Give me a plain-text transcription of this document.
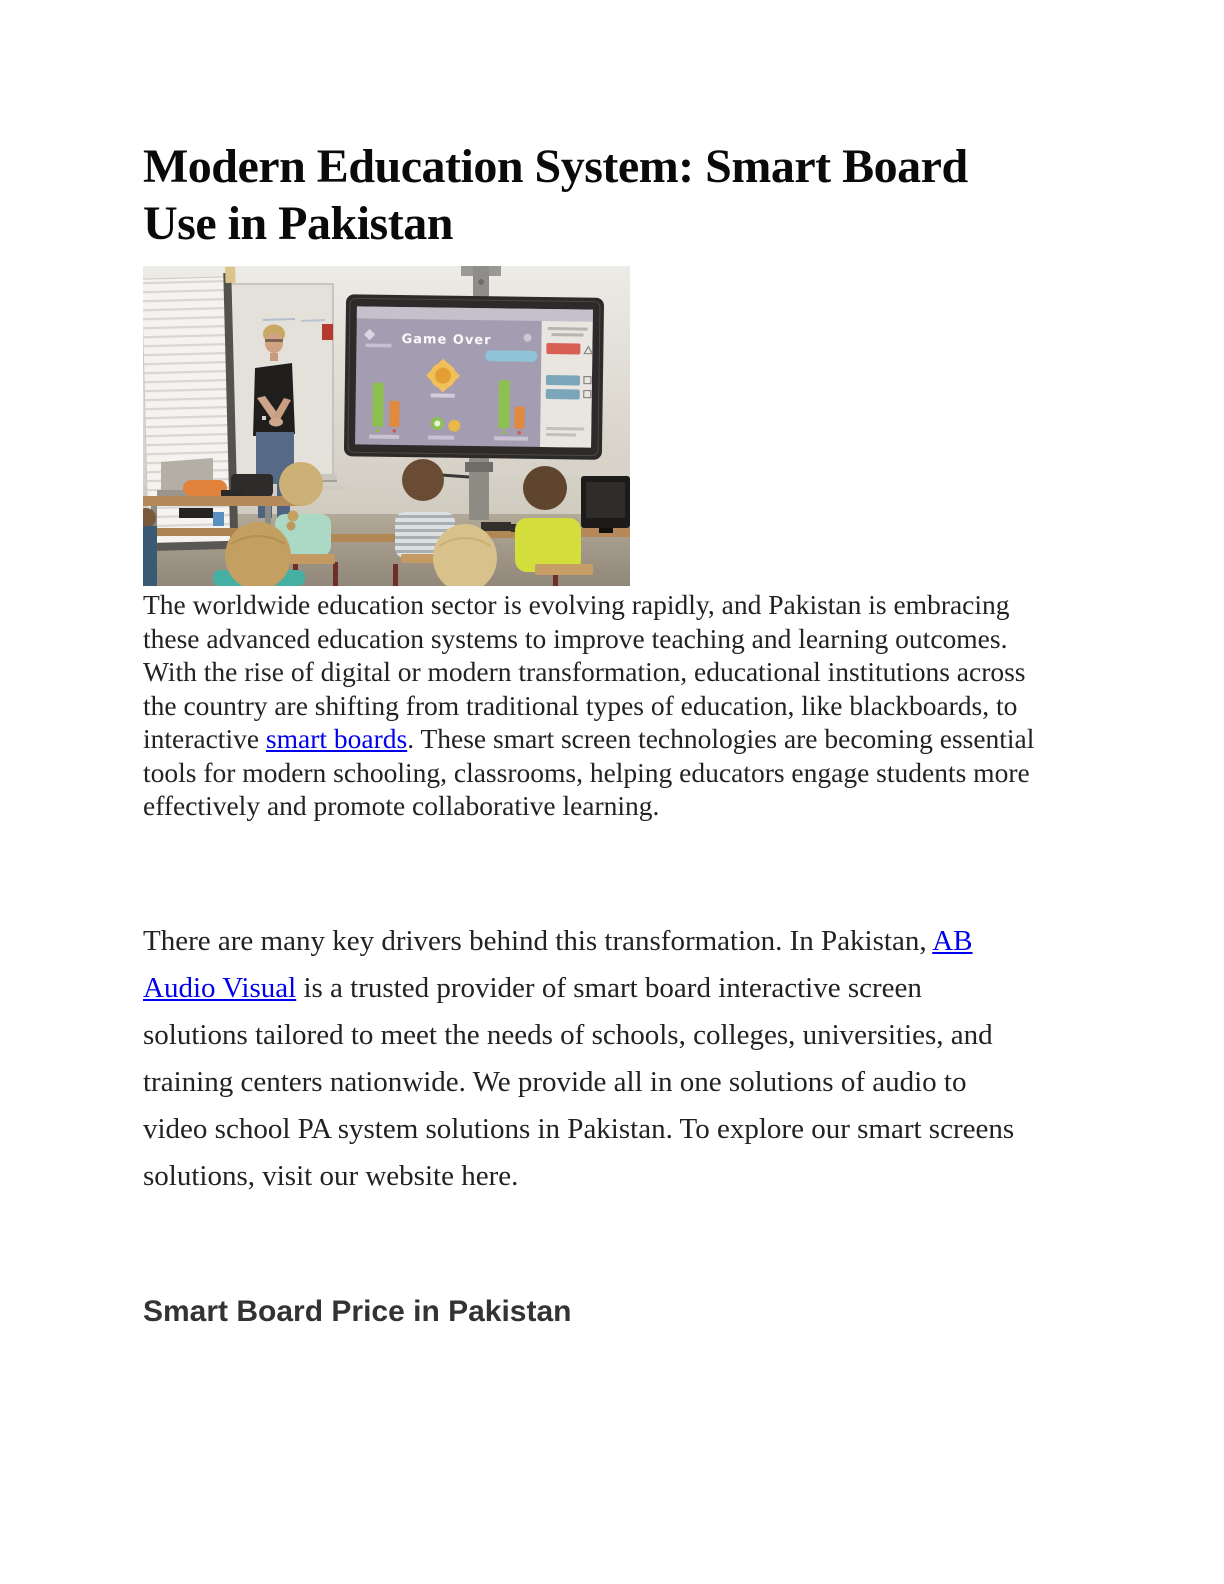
Modern Education System: Smart Board Use in Pakistan
Game Over

The worldwide education sector is evolving rapidly, and Pakistan is embracing these advanced education systems to improve teaching and learning outcomes. With the rise of digital or modern transformation, educational institutions across the country are shifting from traditional types of education, like blackboards, to interactive smart boards. These smart screen technologies are becoming essential tools for modern schooling, classrooms, helping educators engage students more effectively and promote collaborative learning.

There are many key drivers behind this transformation. In Pakistan, AB Audio Visual is a trusted provider of smart board interactive screen solutions tailored to meet the needs of schools, colleges, universities, and training centers nationwide. We provide all in one solutions of audio to video school PA system solutions in Pakistan. To explore our smart screens solutions, visit our website here.

Smart Board Price in Pakistan
